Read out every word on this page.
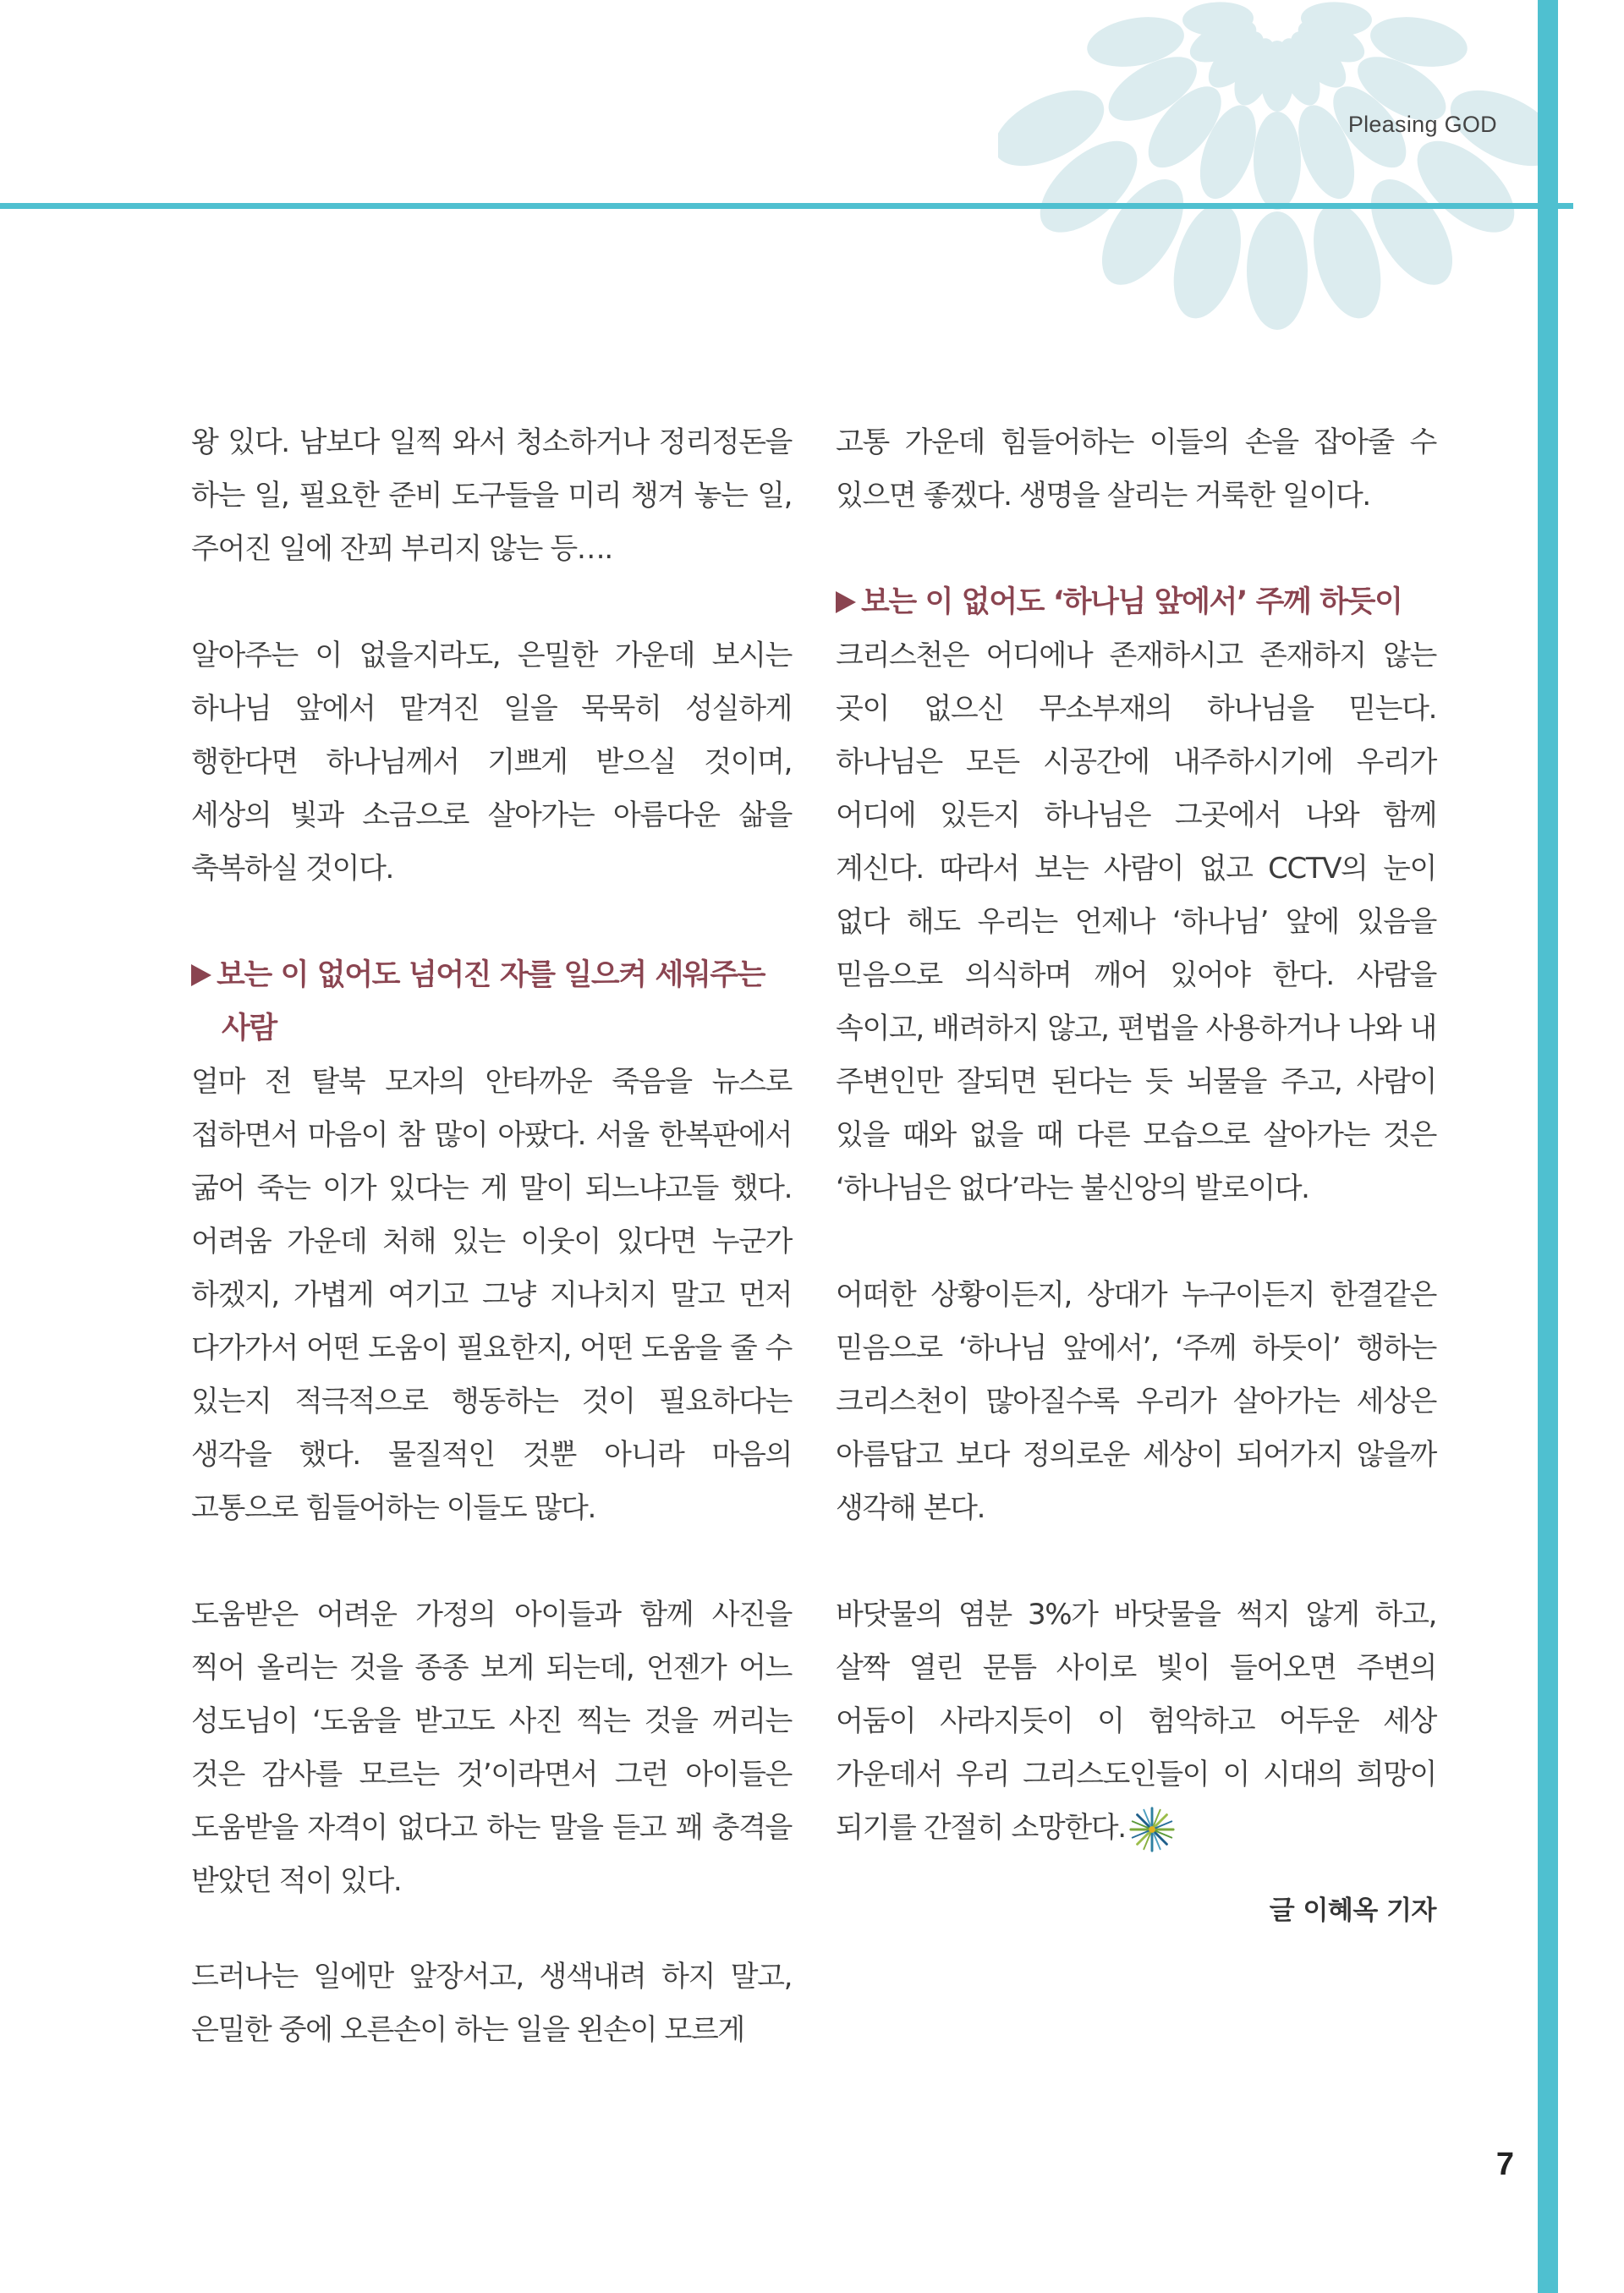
Pleasing GOD

왕 있다. 남보다 일찍 와서 청소하거나 정리정돈을 하는 일, 필요한 준비 도구들을 미리 챙겨 놓는 일, 주어진 일에 잔꾀 부리지 않는 등….

알아주는 이 없을지라도, 은밀한 가운데 보시는 하나님 앞에서 맡겨진 일을 묵묵히 성실하게 행한다면 하나님께서 기쁘게 받으실 것이며, 세상의 빛과 소금으로 살아가는 아름다운 삶을 축복하실 것이다.

보는 이 없어도 넘어진 자를 일으켜 세워주는
사람

얼마 전 탈북 모자의 안타까운 죽음을 뉴스로 접하면서 마음이 참 많이 아팠다. 서울 한복판에서 굶어 죽는 이가 있다는 게 말이 되느냐고들 했다. 어려움 가운데 처해 있는 이웃이 있다면 누군가 하겠지, 가볍게 여기고 그냥 지나치지 말고 먼저 다가가서 어떤 도움이 필요한지, 어떤 도움을 줄 수 있는지 적극적으로 행동하는 것이 필요하다는 생각을 했다. 물질적인 것뿐 아니라 마음의 고통으로 힘들어하는 이들도 많다.

도움받은 어려운 가정의 아이들과 함께 사진을 찍어 올리는 것을 종종 보게 되는데, 언젠가 어느 성도님이 ‘도움을 받고도 사진 찍는 것을 꺼리는 것은 감사를 모르는 것’이라면서 그런 아이들은 도움받을 자격이 없다고 하는 말을 듣고 꽤 충격을 받았던 적이 있다.

드러나는 일에만 앞장서고, 생색내려 하지 말고, 은밀한 중에 오른손이 하는 일을 왼손이 모르게

고통 가운데 힘들어하는 이들의 손을 잡아줄 수 있으면 좋겠다. 생명을 살리는 거룩한 일이다.

보는 이 없어도 ‘하나님 앞에서’ 주께 하듯이

크리스천은 어디에나 존재하시고 존재하지 않는 곳이 없으신 무소부재의 하나님을 믿는다. 하나님은 모든 시공간에 내주하시기에 우리가 어디에 있든지 하나님은 그곳에서 나와 함께 계신다. 따라서 보는 사람이 없고 CCTV의 눈이 없다 해도 우리는 언제나 ‘하나님’ 앞에 있음을 믿음으로 의식하며 깨어 있어야 한다. 사람을 속이고, 배려하지 않고, 편법을 사용하거나 나와 내 주변인만 잘되면 된다는 듯 뇌물을 주고, 사람이 있을 때와 없을 때 다른 모습으로 살아가는 것은 ‘하나님은 없다’라는 불신앙의 발로이다.

어떠한 상황이든지, 상대가 누구이든지 한결같은 믿음으로 ‘하나님 앞에서’, ‘주께 하듯이’ 행하는 크리스천이 많아질수록 우리가 살아가는 세상은 아름답고 보다 정의로운 세상이 되어가지 않을까 생각해 본다.

바닷물의 염분 3%가 바닷물을 썩지 않게 하고, 살짝 열린 문틈 사이로 빛이 들어오면 주변의 어둠이 사라지듯이 이 험악하고 어두운 세상 가운데서 우리 그리스도인들이 이 시대의 희망이 되기를 간절히 소망한다.

글 이혜옥 기자
7
